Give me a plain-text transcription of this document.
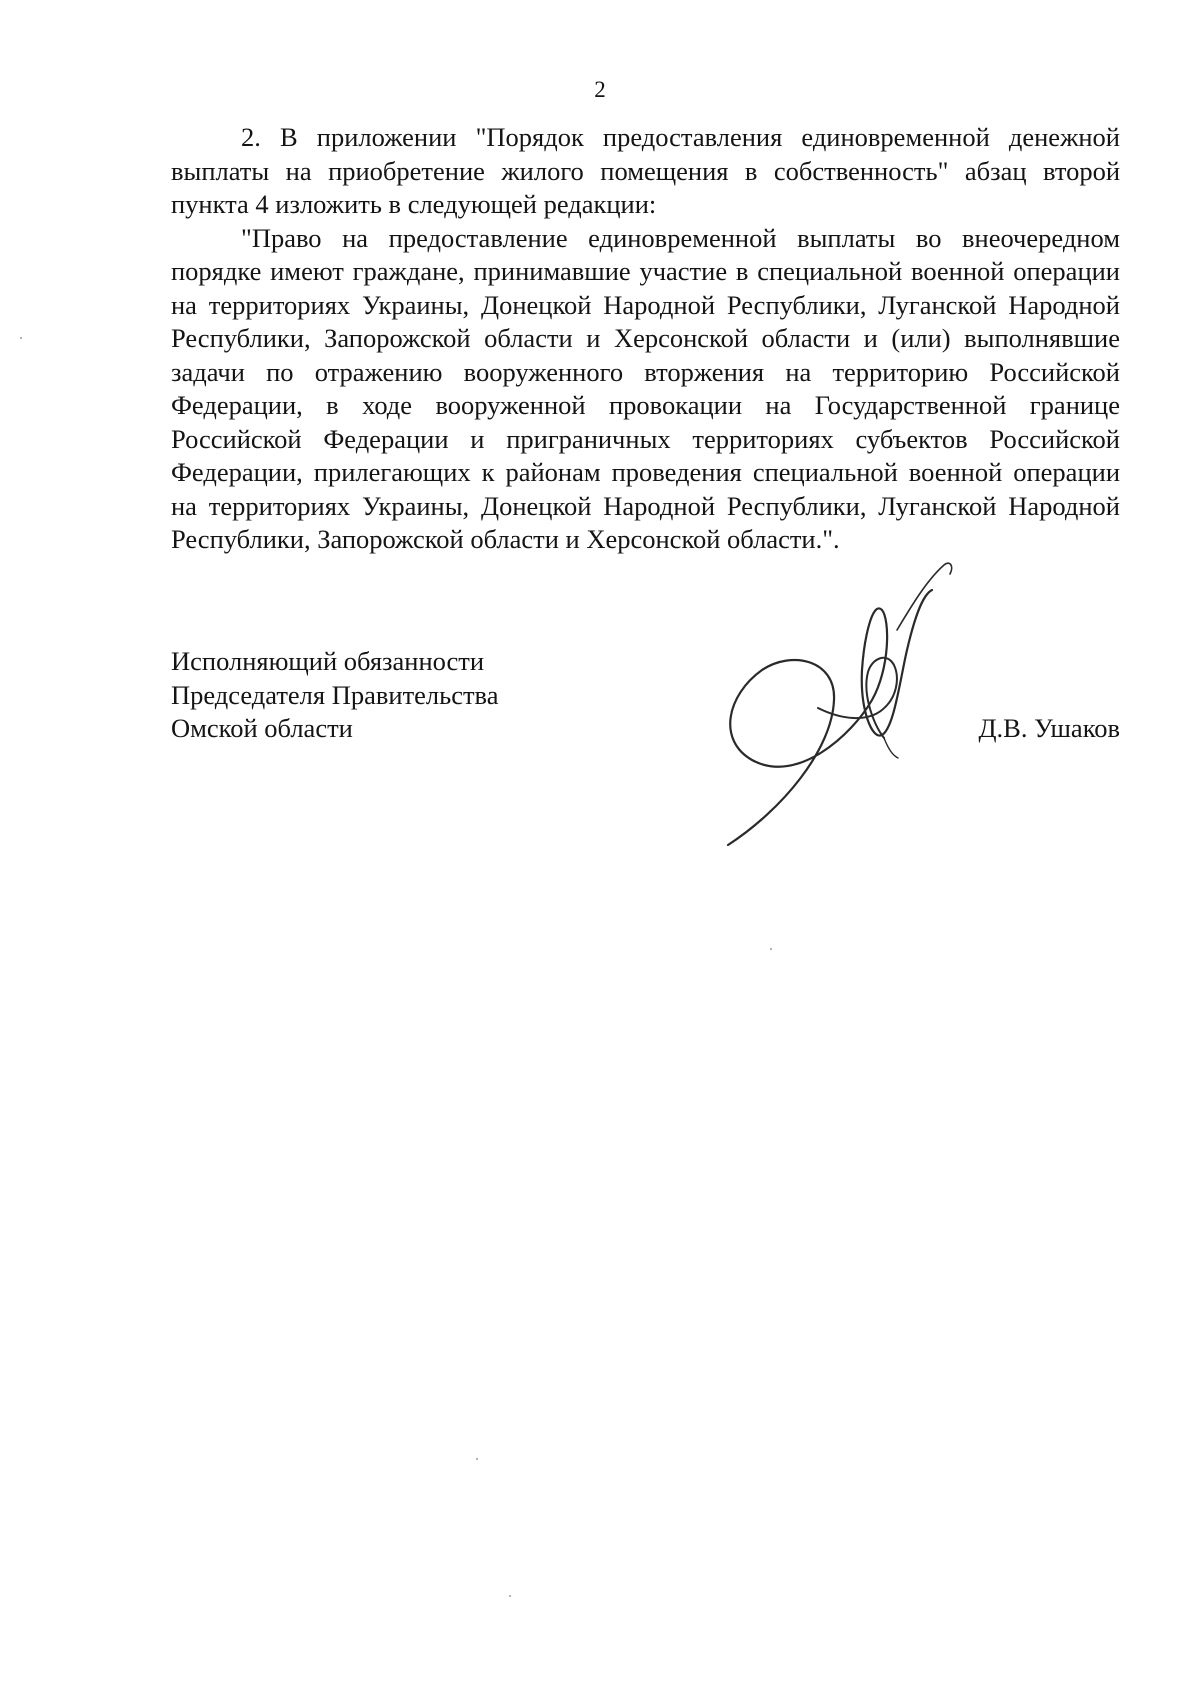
2

2. В приложении "Порядок предоставления единовременной денежной выплаты на приобретение жилого помещения в собственность" абзац второй пункта 4 изложить в следующей редакции:

"Право на предоставление единовременной выплаты во внеочередном порядке имеют граждане, принимавшие участие в специальной военной операции на территориях Украины, Донецкой Народной Республики, Луганской Народной Республики, Запорожской области и Херсонской области и (или) выполнявшие задачи по отражению вооруженного вторжения на территорию Российской Федерации, в ходе вооруженной провокации на Государственной границе Российской Федерации и приграничных территориях субъектов Российской Федерации, прилегающих к районам проведения специальной военной операции на территориях Украины, Донецкой Народной Республики, Луганской Народной Республики, Запорожской области и Херсонской области.".

Исполняющий обязанности
Председателя Правительства
Омской области	Д.В. Ушаков
